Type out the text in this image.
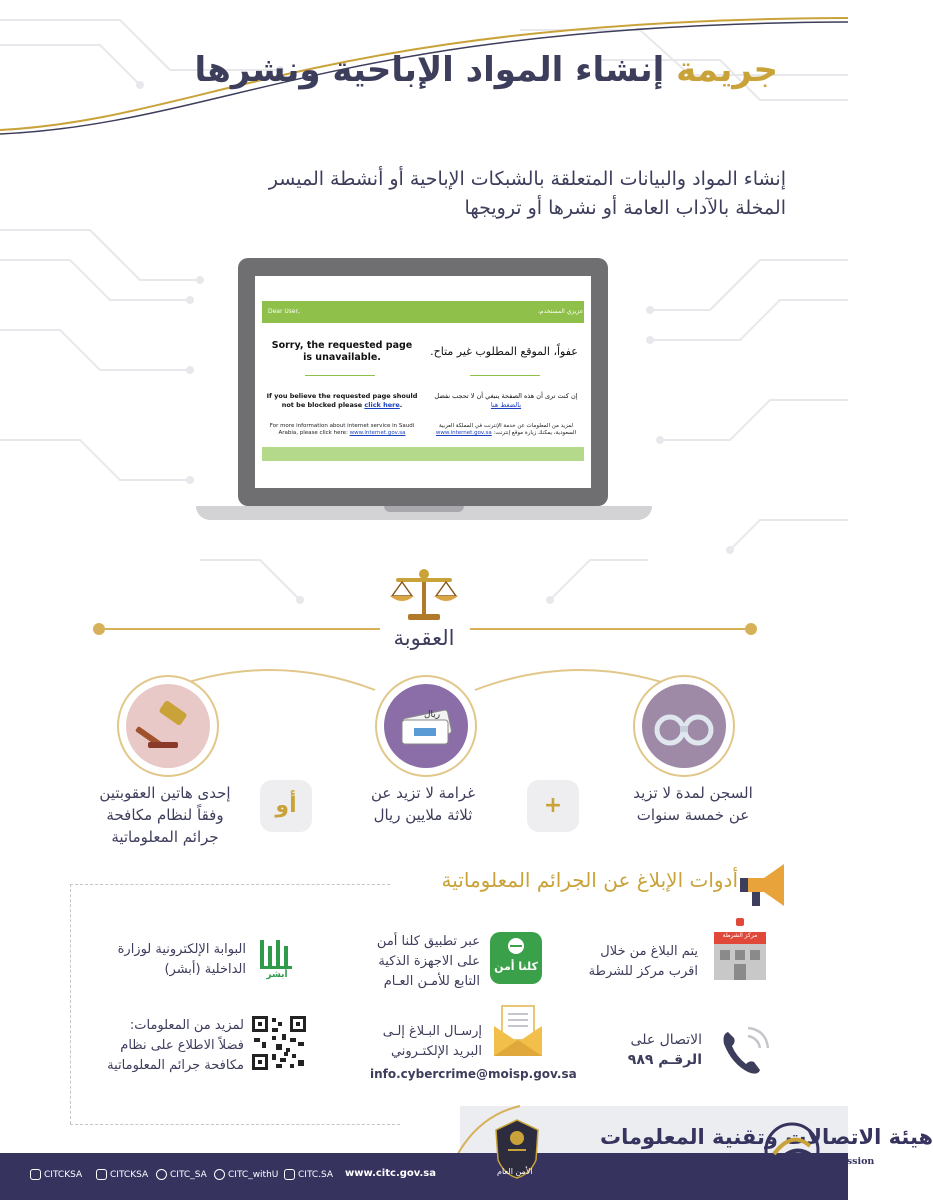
جريمة إنشاء المواد الإباحية ونشرها
إنشاء المواد والبيانات المتعلقة بالشبكات الإباحية أو أنشطة الميسر
المخلة بالآداب العامة أو نشرها أو ترويجها
Dear User,	عزيزي المستخدم،
Sorry, the requested page is unavailable.	عفواً، الموقع المطلوب غير متاح.
If you believe the requested page should not be blocked please click here.
إن كنت ترى أن هذه الصفحة ينبغي أن لا تحجب نفضل بالضغط هنا
For more information about internet service in Saudi Arabia, please click here: www.internet.gov.sa
لمزيد من المعلومات عن خدمة الإنترنت في المملكة العربية السعودية، يمكنك زيارة موقع إنترنت: www.internet.gov.sa
العقوبة
ريال
السجن لمدة لا تزيد
عن خمسة سنوات
+
غرامة لا تزيد عن
ثلاثة ملايين ريال
أو
إحدى هاتين العقوبتين
وفقاً لنظام مكافحة
جرائم المعلوماتية
أدوات الإبلاغ عن الجرائم المعلوماتية
مركز الشرطة
يتم البلاغ من خلال
اقرب مركز للشرطة
كلنا أمن
عبر تطبيق كلنا أمن
على الاجهزة الذكية
التابع للأمـن العـام
أبشر
البوابة الإلكترونية لوزارة
الداخلية (أبشر)
الاتصال على
الرقـم ٩٨٩
إرسـال البـلاغ إلـى
البريد الإلكتـروني
info.cybercrime@moisp.gov.sa
لمزيد من المعلومات:
فضلاً الاطلاع على نظام
مكافحة جرائم المعلوماتية
الأمن العام
هيئة الاتصالات وتقنية المعلومات
Communications and Information Technology Commission
CITCKSA	CITCKSA	CITC_SA	CITC_withU	CITC.SA www.citc.gov.sa
